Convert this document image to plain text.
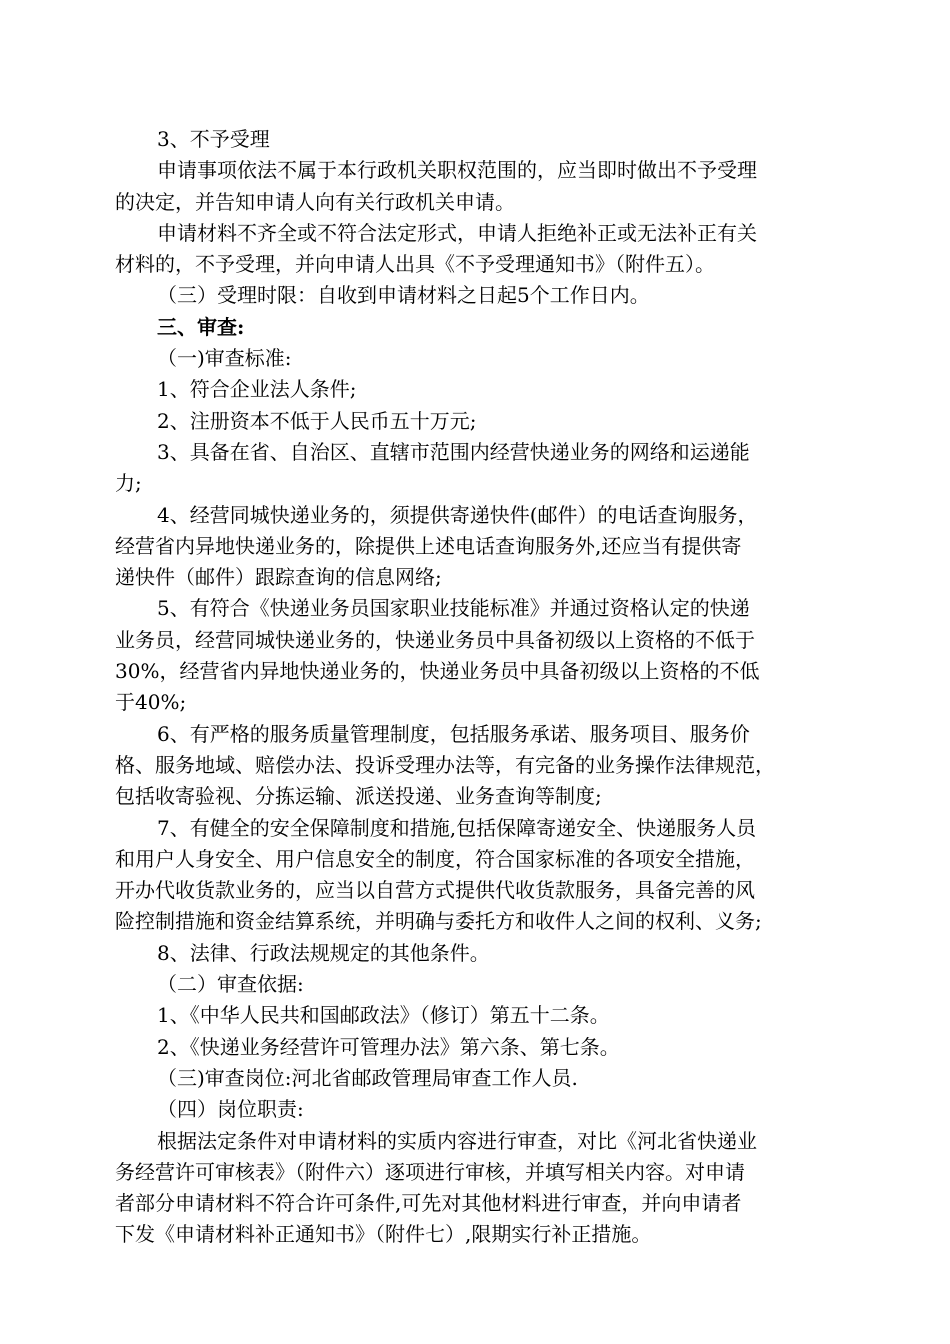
3、不予受理
申请事项依法不属于本行政机关职权范围的，应当即时做出不予受理
的决定，并告知申请人向有关行政机关申请。
申请材料不齐全或不符合法定形式，申请人拒绝补正或无法补正有关
材料的，不予受理，并向申请人出具《不予受理通知书》（附件五）。
（三）受理时限：自收到申请材料之日起5个工作日内。
三、审查:
（一)审查标准:
1、符合企业法人条件;
2、注册资本不低于人民币五十万元;
3、具备在省、自治区、直辖市范围内经营快递业务的网络和运递能
力;
4、经营同城快递业务的，须提供寄递快件(邮件）的电话查询服务，
经营省内异地快递业务的，除提供上述电话查询服务外,还应当有提供寄
递快件（邮件）跟踪查询的信息网络;
5、有符合《快递业务员国家职业技能标准》并通过资格认定的快递
业务员，经营同城快递业务的，快递业务员中具备初级以上资格的不低于
30%，经营省内异地快递业务的，快递业务员中具备初级以上资格的不低
于40%;
6、有严格的服务质量管理制度，包括服务承诺、服务项目、服务价
格、服务地域、赔偿办法、投诉受理办法等，有完备的业务操作法律规范，
包括收寄验视、分拣运输、派送投递、业务查询等制度;
7、有健全的安全保障制度和措施,包括保障寄递安全、快递服务人员
和用户人身安全、用户信息安全的制度，符合国家标准的各项安全措施，
开办代收货款业务的，应当以自营方式提供代收货款服务，具备完善的风
险控制措施和资金结算系统，并明确与委托方和收件人之间的权利、义务;
8、法律、行政法规规定的其他条件。
（二）审查依据:
1、《中华人民共和国邮政法》（修订）第五十二条。
2、《快递业务经营许可管理办法》第六条、第七条。
（三)审查岗位:河北省邮政管理局审查工作人员.
（四）岗位职责:
根据法定条件对申请材料的实质内容进行审查，对比《河北省快递业
务经营许可审核表》（附件六）逐项进行审核，并填写相关内容。对申请
者部分申请材料不符合许可条件,可先对其他材料进行审查，并向申请者
下发《申请材料补正通知书》（附件七）,限期实行补正措施。
